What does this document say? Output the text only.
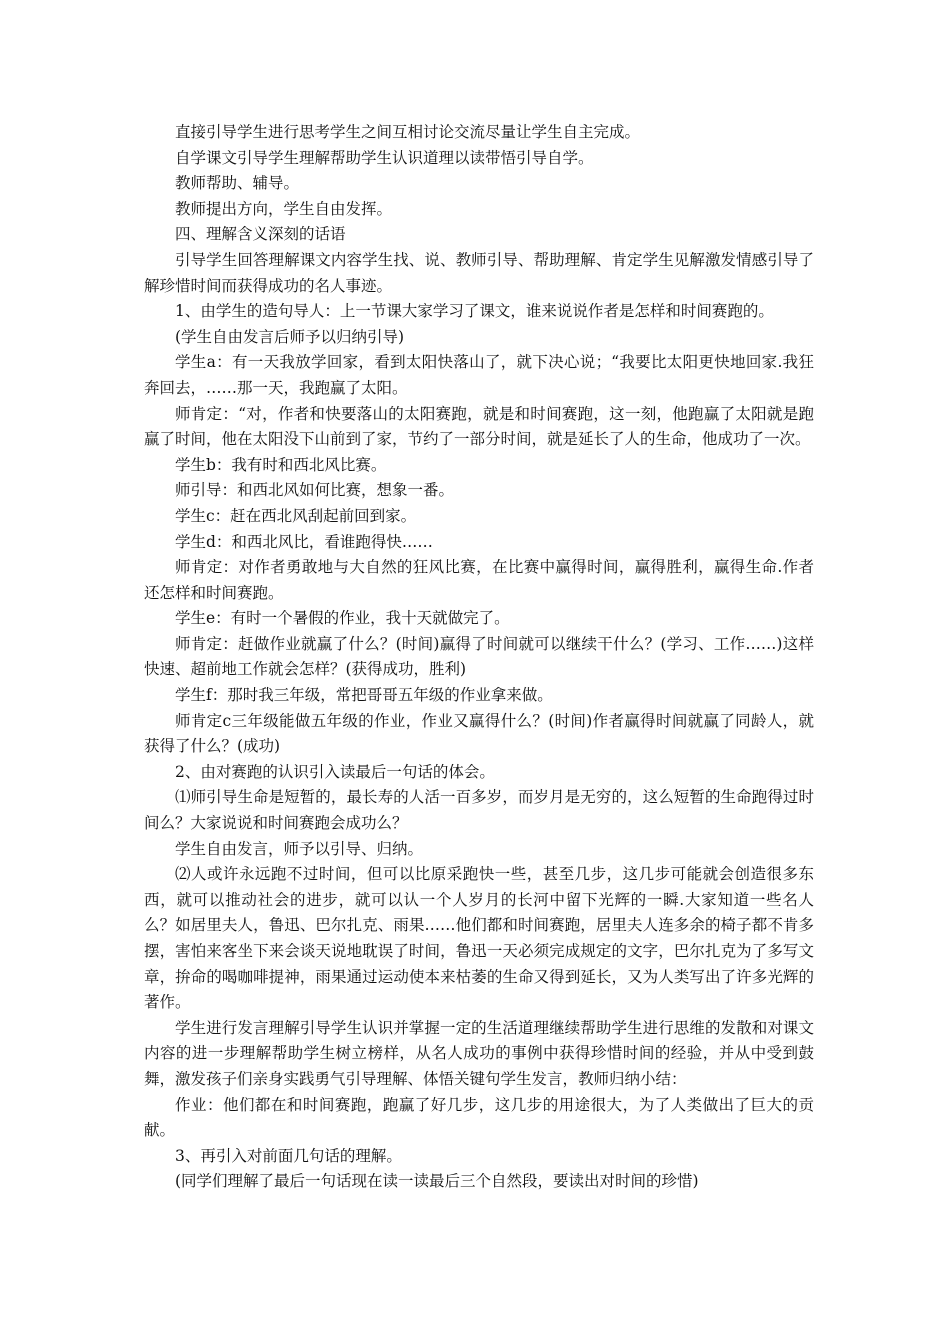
直接引导学生进行思考学生之间互相讨论交流尽量让学生自主完成。

自学课文引导学生理解帮助学生认识道理以读带悟引导自学。

教师帮助、辅导。

教师提出方向，学生自由发挥。

四、理解含义深刻的话语

引导学生回答理解课文内容学生找、说、教师引导、帮助理解、肯定学生见解激发情感引导了解珍惜时间而获得成功的名人事迹。

1、由学生的造句导人：上一节课大家学习了课文，谁来说说作者是怎样和时间赛跑的。

(学生自由发言后师予以归纳引导)

学生a：有一天我放学回家，看到太阳快落山了，就下决心说；“我要比太阳更快地回家.我狂奔回去，……那一天，我跑赢了太阳。

师肯定：“对，作者和快要落山的太阳赛跑，就是和时间赛跑，这一刻，他跑赢了太阳就是跑赢了时间，他在太阳没下山前到了家，节约了一部分时间，就是延长了人的生命，他成功了一次。

学生b：我有时和西北风比赛。

师引导：和西北风如何比赛，想象一番。

学生c：赶在西北风刮起前回到家。

学生d：和西北风比，看谁跑得快……

师肯定：对作者勇敢地与大自然的狂风比赛，在比赛中赢得时间，赢得胜利，赢得生命.作者还怎样和时间赛跑。

学生e：有时一个暑假的作业，我十天就做完了。

师肯定：赶做作业就赢了什么？(时间)赢得了时间就可以继续干什么？(学习、工作……)这样快速、超前地工作就会怎样？(获得成功，胜利)

学生f：那时我三年级，常把哥哥五年级的作业拿来做。

师肯定c三年级能做五年级的作业，作业又赢得什么？(时间)作者赢得时间就赢了同龄人，就获得了什么？(成功)

2、由对赛跑的认识引入读最后一句话的体会。

⑴师引导生命是短暂的，最长寿的人活一百多岁，而岁月是无穷的，这么短暂的生命跑得过时间么？大家说说和时间赛跑会成功么？

学生自由发言，师予以引导、归纳。

⑵人或许永远跑不过时间，但可以比原采跑快一些，甚至几步，这几步可能就会创造很多东西，就可以推动社会的进步，就可以认一个人岁月的长河中留下光辉的一瞬.大家知道一些名人么？如居里夫人，鲁迅、巴尔扎克、雨果……他们都和时间赛跑，居里夫人连多余的椅子都不肯多摆，害怕来客坐下来会谈天说地耽误了时间，鲁迅一天必须完成规定的文字，巴尔扎克为了多写文章，拚命的喝咖啡提神，雨果通过运动使本来枯萎的生命又得到延长，又为人类写出了许多光辉的著作。

学生进行发言理解引导学生认识并掌握一定的生活道理继续帮助学生进行思维的发散和对课文内容的进一步理解帮助学生树立榜样，从名人成功的事例中获得珍惜时间的经验，并从中受到鼓舞，激发孩子们亲身实践勇气引导理解、体悟关键句学生发言，教师归纳小结：

作业：他们都在和时间赛跑，跑赢了好几步，这几步的用途很大，为了人类做出了巨大的贡献。

3、再引入对前面几句话的理解。

(同学们理解了最后一句话现在读一读最后三个自然段，要读出对时间的珍惜)
